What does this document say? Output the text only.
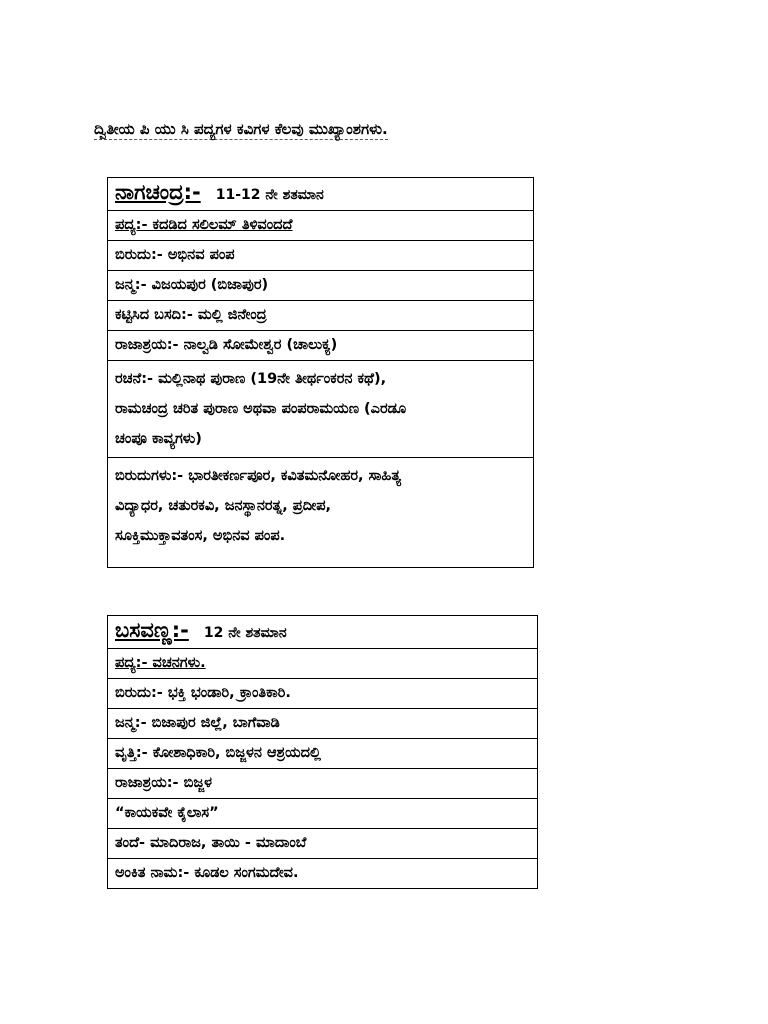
ದ್ವಿತೀಯ ಪಿ ಯು ಸಿ ಪದ್ಯಗಳ ಕವಿಗಳ ಕೆಲವು ಮುಖ್ಯಾಂಶಗಳು.
ನಾಗಚಂದ್ರ:- 11-12 ನೇ ಶತಮಾನ
ಪದ್ಯ:- ಕದಡಿದ ಸಲಿಲಮ್ ತಿಳಿವಂದದೆ
ಬಿರುದು:- ಅಭಿನವ ಪಂಪ
ಜನ್ಮ:- ವಿಜಯಪುರ (ಬಿಜಾಪುರ)
ಕಟ್ಟಿಸಿದ ಬಸದಿ:- ಮಲ್ಲಿ ಜಿನೇಂದ್ರ
ರಾಜಾಶ್ರಯ:- ನಾಲ್ವಡಿ ಸೋಮೇಶ್ವರ (ಚಾಲುಕ್ಯ)

ರಚನೆ:- ಮಲ್ಲಿನಾಥ ಪುರಾಣ (19ನೇ ತೀರ್ಥಂಕರನ ಕಥೆ),
ರಾಮಚಂದ್ರ ಚರಿತ ಪುರಾಣ ಅಥವಾ ಪಂಪರಾಮಯಣ (ಎರಡೂ
ಚಂಪೂ ಕಾವ್ಯಗಳು)

ಬಿರುದುಗಳು:- ಭಾರತೀಕರ್ಣಪೂರ, ಕವಿತಮನೋಹರ, ಸಾಹಿತ್ಯ
ವಿದ್ಯಾಧರ, ಚತುರಕವಿ, ಜನಸ್ಥಾನರತ್ನ, ಪ್ರದೀಪ,
ಸೂಕ್ತಿಮುಕ್ತಾವತಂಸ, ಅಭಿನವ ಪಂಪ.
ಬಸವಣ್ಣ:- 12 ನೇ ಶತಮಾನ
ಪದ್ಯ:- ವಚನಗಳು.
ಬಿರುದು:- ಭಕ್ತಿ ಭಂಡಾರಿ, ಕ್ರಾಂತಿಕಾರಿ.
ಜನ್ಮ:- ಬಿಜಾಪುರ ಜಿಲ್ಲೆ, ಬಾಗೆವಾಡಿ
ವೃತ್ತಿ:- ಕೋಶಾಧಿಕಾರಿ, ಬಿಜ್ಜಳನ ಆಶ್ರಯದಲ್ಲಿ
ರಾಜಾಶ್ರಯ:- ಬಿಜ್ಜಳ
“ಕಾಯಕವೇ ಕೈಲಾಸ”
ತಂದೆ- ಮಾದಿರಾಜ, ತಾಯಿ - ಮಾದಾಂಬೆ
ಅಂಕಿತ ನಾಮ:- ಕೂಡಲ ಸಂಗಮದೇವ.
